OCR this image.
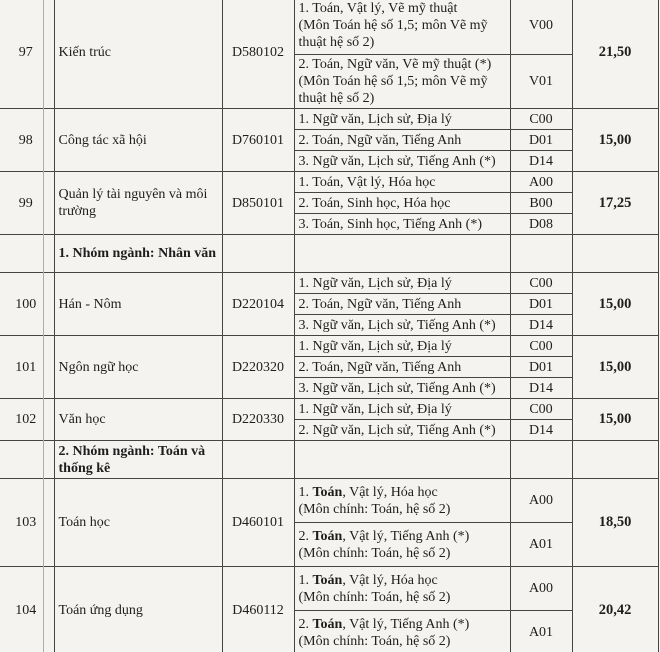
97	Kiến trúc	D580102	1. Toán, Vật lý, Vẽ mỹ thuật
(Môn Toán hệ số 1,5; môn Vẽ mỹ thuật hệ số 2)	V00	21,50

			2. Toán, Ngữ văn, Vẽ mỹ thuật (*)
(Môn Toán hệ số 1,5; môn Vẽ mỹ thuật hệ số 2)	V01	
98	Công tác xã hội	D760101	1. Ngữ văn, Lịch sử, Địa lý	C00	15,00
			2. Toán, Ngữ văn, Tiếng Anh	D01	
			3. Ngữ văn, Lịch sử, Tiếng Anh (*)	D14	
99	Quản lý tài nguyên và môi trường	D850101	1. Toán, Vật lý, Hóa học	A00	17,25
			2. Toán, Sinh học, Hóa học	B00	
			3. Toán, Sinh học, Tiếng Anh (*)	D08	
	1. Nhóm ngành: Nhân văn				
100	Hán - Nôm	D220104	1. Ngữ văn, Lịch sử, Địa lý	C00	15,00
			2. Toán, Ngữ văn, Tiếng Anh	D01	
			3. Ngữ văn, Lịch sử, Tiếng Anh (*)	D14	
101	Ngôn ngữ học	D220320	1. Ngữ văn, Lịch sử, Địa lý	C00	15,00
			2. Toán, Ngữ văn, Tiếng Anh	D01	
			3. Ngữ văn, Lịch sử, Tiếng Anh (*)	D14	
102	Văn học	D220330	1. Ngữ văn, Lịch sử, Địa lý	C00	15,00
			2. Ngữ văn, Lịch sử, Tiếng Anh (*)	D14	
	2. Nhóm ngành: Toán và thống kê				
103	Toán học	D460101	1. Toán, Vật lý, Hóa học
(Môn chính: Toán, hệ số 2)	A00	18,50

			2. Toán, Vật lý, Tiếng Anh (*)
(Môn chính: Toán, hệ số 2)	A01	
104	Toán ứng dụng	D460112	1. Toán, Vật lý, Hóa học
(Môn chính: Toán, hệ số 2)	A00	20,42

			2. Toán, Vật lý, Tiếng Anh (*)
(Môn chính: Toán, hệ số 2)	A01	
